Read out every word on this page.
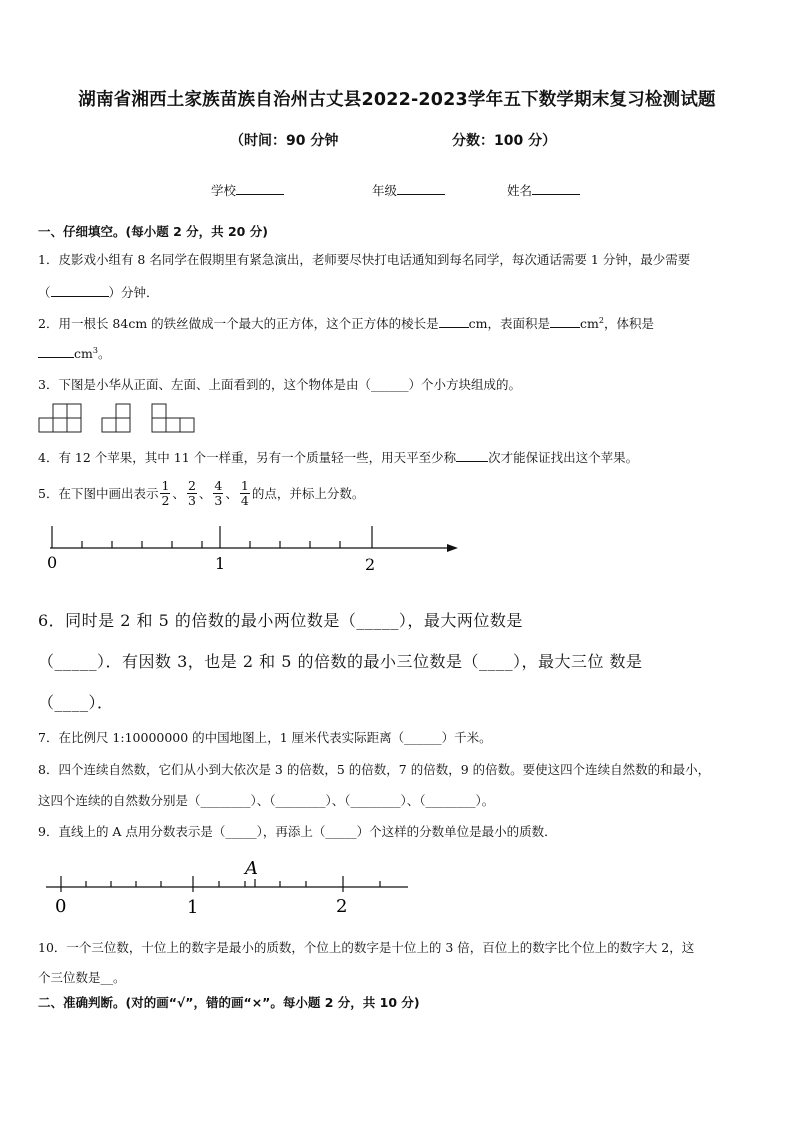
湖南省湘西土家族苗族自治州古丈县2022-2023学年五下数学期末复习检测试题
（时间：90 分钟	分数：100 分）
学校	年级	姓名
一、仔细填空。(每小题 2 分，共 20 分)
1．皮影戏小组有 8 名同学在假期里有紧急演出，老师要尽快打电话通知到每名同学，每次通话需要 1 分钟，最少需要
（	）分钟．
2．用一根长 84cm 的铁丝做成一个最大的正方体，这个正方体的棱长是 cm，表面积是 $cm^2$，体积是
$cm^3$。
3．下图是小华从正面、左面、上面看到的，这个物体是由（______）个小方块组成的。
4．有 12 个苹果，其中 11 个一样重，另有一个质量轻一些，用天平至少称	次才能保证找出这个苹果。
5．在下图中画出表示 $\frac{1}{2}$ 、 $\frac{2}{3}$ 、 $\frac{4}{3}$ 、 $\frac{1}{4}$ 的点，并标上分数。
0	1	2
6．同时是 2 和 5 的倍数的最小两位数是（_____），最大两位数是
（_____）．有因数 3，也是 2 和 5 的倍数的最小三位数是（____），最大三位 数是
（____）．
7．在比例尺 1:10000000 的中国地图上，1 厘米代表实际距离（______）千米。
8．四个连续自然数，它们从小到大依次是 3 的倍数，5 的倍数，7 的倍数，9 的倍数。要使这四个连续自然数的和最小，
这四个连续的自然数分别是（________）、（________）、（________）、（________）。
9．直线上的 A 点用分数表示是（_____），再添上（_____）个这样的分数单位是最小的质数．
A
0	1	2
10．一个三位数，十位上的数字是最小的质数，个位上的数字是十位上的 3 倍，百位上的数字比个位上的数字大 2，这
个三位数是__。
二、准确判断。(对的画“√”，错的画“×”。每小题 2 分，共 10 分)
